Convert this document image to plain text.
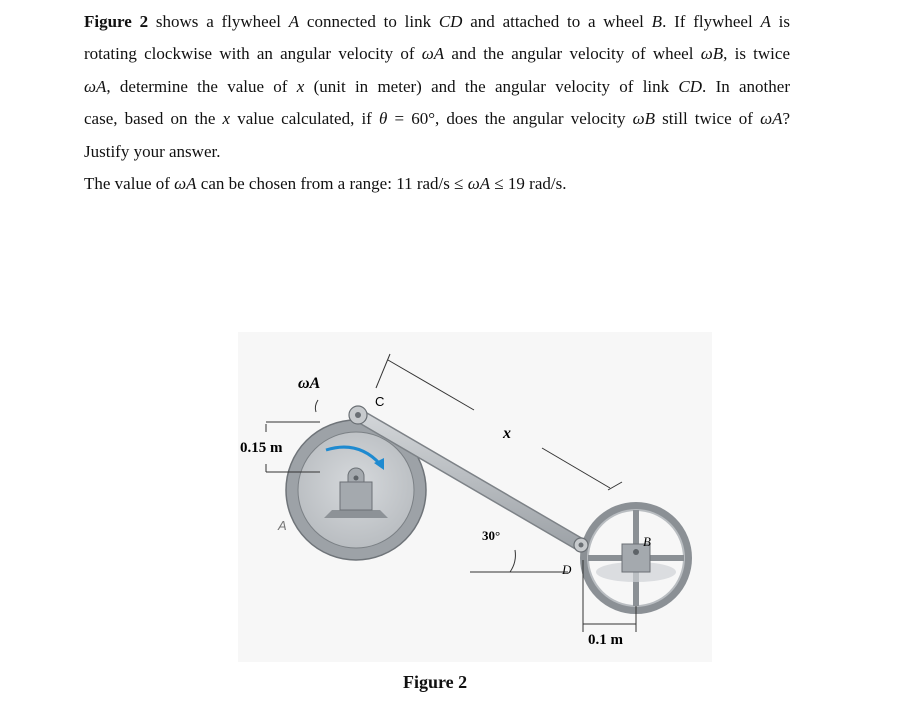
Figure 2 shows a flywheel A connected to link CD and attached to a wheel B. If flywheel A is

rotating clockwise with an angular velocity of ωA and the angular velocity of wheel ωB, is twice

ωA, determine the value of x (unit in meter) and the angular velocity of link CD. In another

case, based on the x value calculated, if θ = 60°, does the angular velocity ωB still twice of ωA?

Justify your answer.

The value of ωA can be chosen from a range: 11 rad/s ≤ ωA ≤ 19 rad/s.

ωA
C
x
0.15 m
A
30°
D
B
0.1 m
Figure 2
